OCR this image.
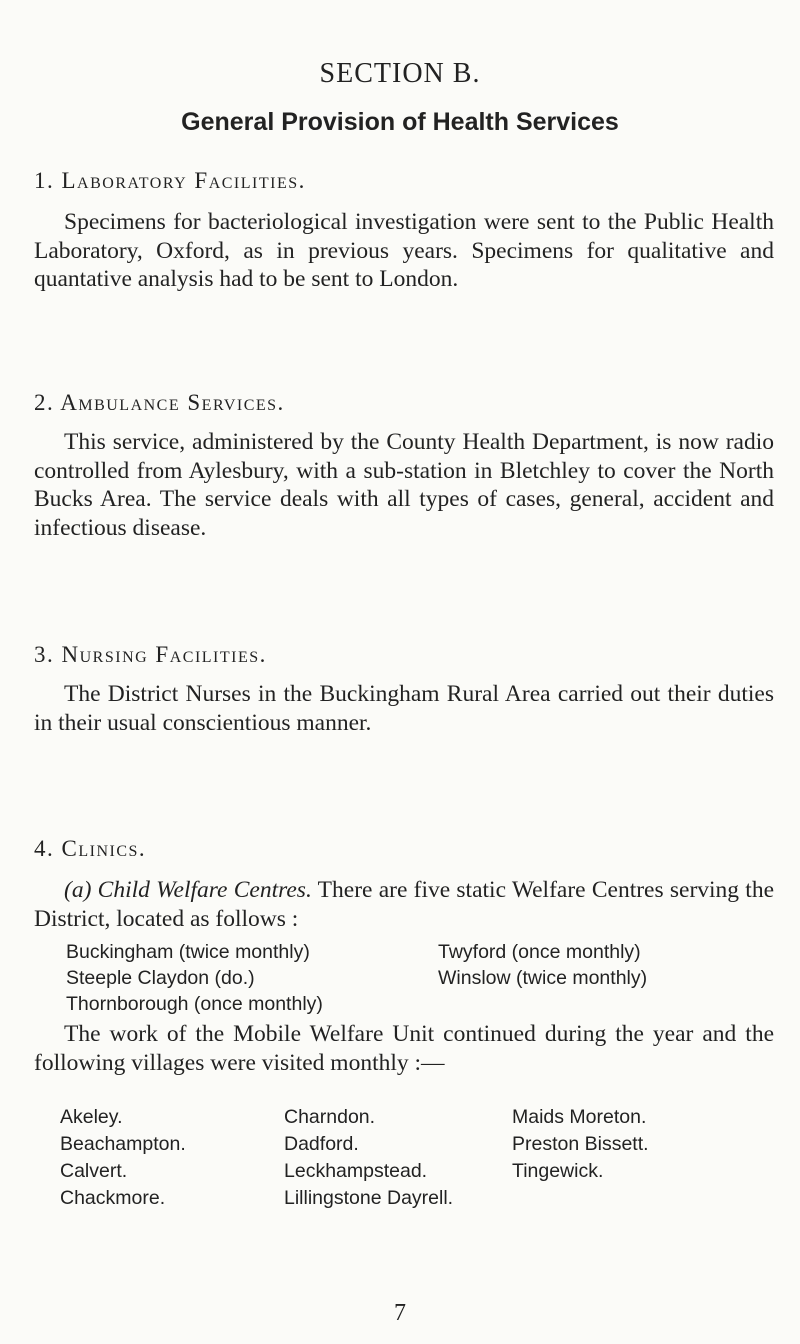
SECTION B.
General Provision of Health Services
1. Laboratory Facilities.

Specimens for bacteriological investigation were sent to the Public Health Laboratory, Oxford, as in previous years. Specimens for qualitative and quantative analysis had to be sent to London.

2. Ambulance Services.

This service, administered by the County Health Department, is now radio controlled from Aylesbury, with a sub-station in Bletchley to cover the North Bucks Area. The service deals with all types of cases, general, accident and infectious disease.

3. Nursing Facilities.

The District Nurses in the Buckingham Rural Area carried out their duties in their usual conscientious manner.

4. Clinics.

(a) Child Welfare Centres. There are five static Welfare Centres serving the District, located as follows :

Buckingham (twice monthly)	Twyford (once monthly)
Steeple Claydon (do.)	Winslow (twice monthly)
Thornborough (once monthly)

The work of the Mobile Welfare Unit continued during the year and the following villages were visited monthly :—

Akeley.	Charndon.	Maids Moreton.
Beachampton.	Dadford.	Preston Bissett.
Calvert.	Leckhampstead.	Tingewick.
Chackmore.	Lillingstone Dayrell.
7
